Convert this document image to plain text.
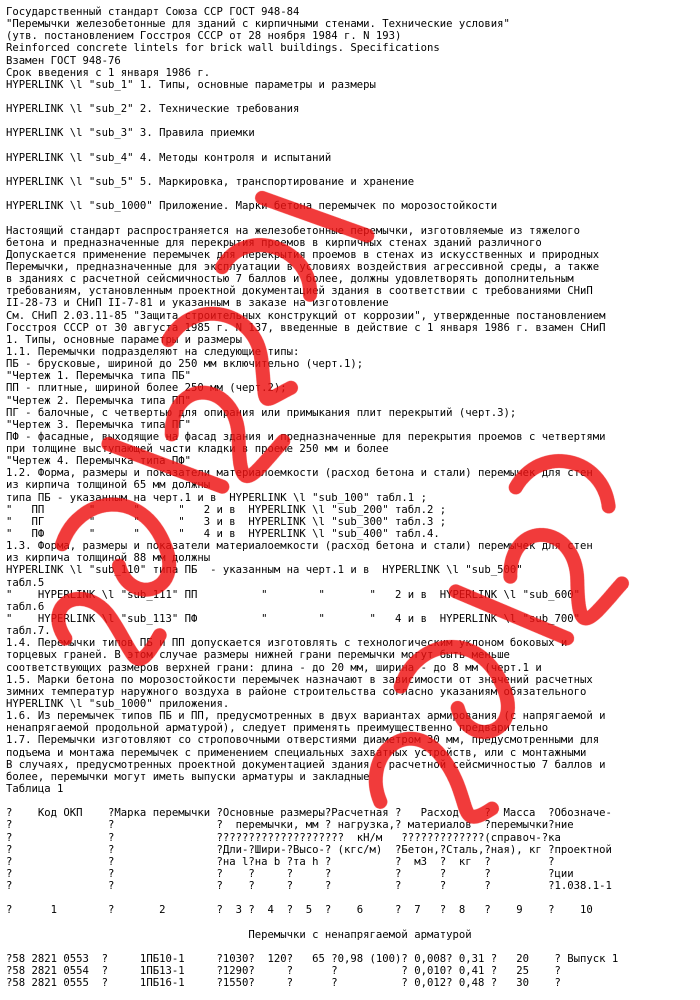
Государственный стандарт Союза ССР ГОСТ 948-84
"Перемычки железобетонные для зданий с кирпичными стенами. Технические условия"
(утв. постановлением Госстроя СССР от 28 ноября 1984 г. N 193)
Reinforced concrete lintels for brick wall buildings. Specifications
Взамен ГОСТ 948-76
Срок введения с 1 января 1986 г.
HYPERLINK \l "sub_1" 1. Типы, основные параметры и размеры
HYPERLINK \l "sub_2" 2. Технические требования
HYPERLINK \l "sub_3" 3. Правила приемки
HYPERLINK \l "sub_4" 4. Методы контроля и испытаний
HYPERLINK \l "sub_5" 5. Маркировка, транспортирование и хранение
HYPERLINK \l "sub_1000" Приложение. Марки бетона перемычек по морозостойкости
Настоящий стандарт распространяется на железобетонные перемычки, изготовляемые из тяжелого
бетона и предназначенные для перекрытия проемов в кирпичных стенах зданий различного
Допускается применение перемычек для перекрытия проемов в стенах из искусственных и природных
Перемычки, предназначенные для эксплуатации в условиях воздействия агрессивной среды, а также
в зданиях с расчетной сейсмичностью 7 баллов и более, должны удовлетворять дополнительным
требованиям, установленным проектной документацией здания в соответствии с требованиями СНиП
II-28-73 и СНиП II-7-81 и указанным в заказе на изготовление
См. СНиП 2.03.11-85 "Защита строительных конструкций от коррозии", утвержденные постановлением
Госстроя СССР от 30 августа 1985 г. N 137, введенные в действие с 1 января 1986 г. взамен СНиП
1. Типы, основные параметры и размеры
1.1. Перемычки подразделяют на следующие типы:
ПБ - брусковые, шириной до 250 мм включительно (черт.1);
"Чертеж 1. Перемычка типа ПБ"
ПП - плитные, шириной более 250 мм (черт.2);
"Чертеж 2. Перемычка типа ПП"
ПГ - балочные, с четвертью для опирания или примыкания плит перекрытий (черт.3);
"Чертеж 3. Перемычка типа ПГ"
ПФ - фасадные, выходящие на фасад здания и предназначенные для перекрытия проемов с четвертями
при толщине выступающей части кладки в проеме 250 мм и более
"Чертеж 4. Перемычка типа ПФ"
1.2. Форма, размеры и показатели материалоемкости (расход бетона и стали) перемычек для стен
из кирпича толщиной 65 мм должны
типа ПБ - указанным на черт.1 и в  HYPERLINK \l "sub_100" табл.1 ;
"   ПП       "      "      "   2 и в  HYPERLINK \l "sub_200" табл.2 ;
"   ПГ       "      "      "   3 и в  HYPERLINK \l "sub_300" табл.3 ;
"   ПФ       "      "      "   4 и в  HYPERLINK \l "sub_400" табл.4.
1.3. Форма, размеры и показатели материалоемкости (расход бетона и стали) перемычек для стен
из кирпича толщиной 88 мм должны
HYPERLINK \l "sub_110" типа ПБ  - указанным на черт.1 и в  HYPERLINK \l "sub_500"
табл.5
"    HYPERLINK \l "sub_111" ПП          "        "       "   2 и в  HYPERLINK \l "sub_600"
табл.6
"    HYPERLINK \l "sub_113" ПФ          "        "       "   4 и в  HYPERLINK \l "sub_700"
табл.7.
1.4. Перемычки типов ПБ и ПП допускается изготовлять с технологическим уклоном боковых и
торцевых граней. В этом случае размеры нижней грани перемычки могут быть меньше
соответствующих размеров верхней грани: длина - до 20 мм, ширина - до 8 мм (черт.1 и
1.5. Марки бетона по морозостойкости перемычек назначают в зависимости от значений расчетных
зимних температур наружного воздуха в районе строительства согласно указаниям обязательного
HYPERLINK \l "sub_1000" приложения.
1.6. Из перемычек типов ПБ и ПП, предусмотренных в двух вариантах армирования (с напрягаемой и
ненапрягаемой продольной арматурой), следует применять преимущественно предварительно
1.7. Перемычки изготовляют со строповочными отверстиями диаметром 30 мм, предусмотренными для
подъема и монтажа перемычек с применением специальных захватных устройств, или с монтажными
В случаях, предусмотренных проектной документацией здания с расчетной сейсмичностью 7 баллов и
более, перемычки могут иметь выпуски арматуры и закладные
Таблица 1
?    Код ОКП    ?Марка перемычки ?Основные размеры?Расчетная ?   Расход    ?  Масса  ?Обозначе-
?               ?                ?  перемычки, мм ? нагрузка,? материалов  ?перемычки?ние
?               ?                ????????????????????  кН/м   ?????????????(справоч-?ка
?               ?                ?Дли-?Шири-?Высо-? (кгс/м)  ?Бетон,?Сталь,?ная), кг ?проектной
?               ?                ?на l?на b ?та h ?          ?  м3  ?  кг  ?         ?
?               ?                ?    ?     ?     ?          ?      ?      ?         ?ции
?               ?                ?    ?     ?     ?          ?      ?      ?         ?1.038.1-1
?      1        ?       2        ?  3 ?  4  ?  5  ?    6     ?  7   ?  8   ?    9    ?    10
Перемычки с ненапрягаемой арматурой
?58 2821 0553  ?     1ПБ10-1     ?1030?  120?   65 ?0,98 (100)? 0,008? 0,31 ?   20    ? Выпуск 1
?58 2821 0554  ?     1ПБ13-1     ?1290?     ?      ?          ? 0,010? 0,41 ?   25    ?
?58 2821 0555  ?     1ПБ16-1     ?1550?     ?      ?          ? 0,012? 0,48 ?   30    ?
